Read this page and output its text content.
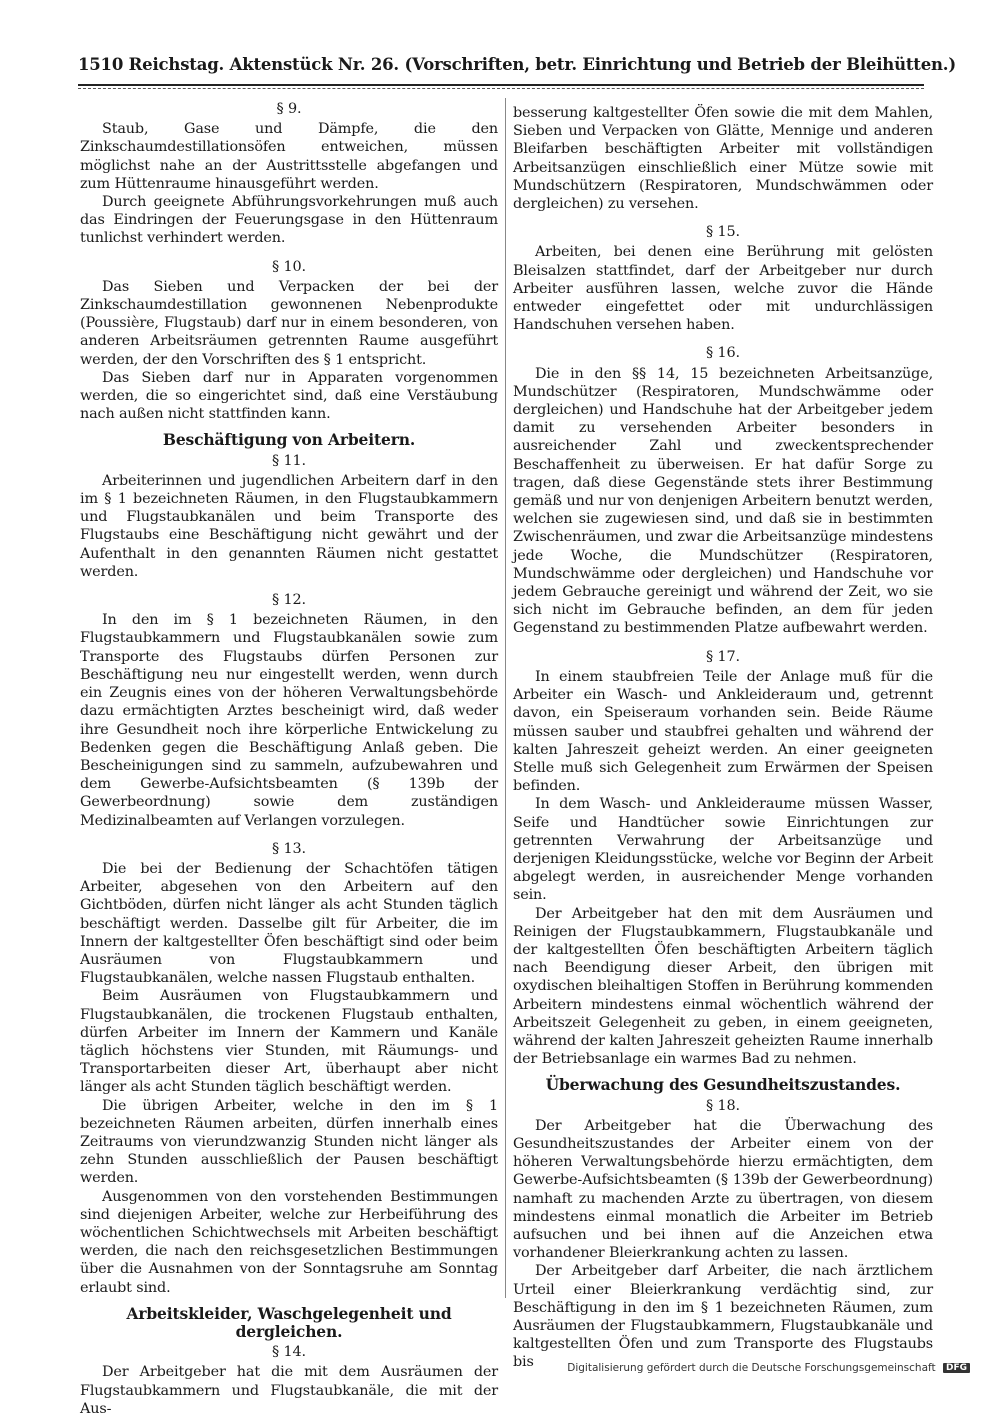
1510 Reichstag. Aktenstück Nr. 26. (Vorschriften, betr. Einrichtung und Betrieb der Bleihütten.)
§ 9.

Staub, Gase und Dämpfe, die den Zinkschaumdestillationsöfen entweichen, müssen möglichst nahe an der Austrittsstelle abgefangen und zum Hüttenraume hinausgeführt werden.

Durch geeignete Abführungsvorkehrungen muß auch das Eindringen der Feuerungsgase in den Hüttenraum tunlichst verhindert werden.

§ 10.

Das Sieben und Verpacken der bei der Zinkschaumdestillation gewonnenen Nebenprodukte (Poussière, Flugstaub) darf nur in einem besonderen, von anderen Arbeitsräumen getrennten Raume ausgeführt werden, der den Vorschriften des § 1 entspricht.

Das Sieben darf nur in Apparaten vorgenommen werden, die so eingerichtet sind, daß eine Verstäubung nach außen nicht stattfinden kann.

Beschäftigung von Arbeitern.
§ 11.

Arbeiterinnen und jugendlichen Arbeitern darf in den im § 1 bezeichneten Räumen, in den Flugstaubkammern und Flugstaubkanälen und beim Transporte des Flugstaubs eine Beschäftigung nicht gewährt und der Aufenthalt in den genannten Räumen nicht gestattet werden.

§ 12.

In den im § 1 bezeichneten Räumen, in den Flugstaubkammern und Flugstaubkanälen sowie zum Transporte des Flugstaubs dürfen Personen zur Beschäftigung neu nur eingestellt werden, wenn durch ein Zeugnis eines von der höheren Verwaltungsbehörde dazu ermächtigten Arztes bescheinigt wird, daß weder ihre Gesundheit noch ihre körperliche Entwickelung zu Bedenken gegen die Beschäftigung Anlaß geben. Die Bescheinigungen sind zu sammeln, aufzubewahren und dem Gewerbe-Aufsichtsbeamten (§ 139b der Gewerbeordnung) sowie dem zuständigen Medizinalbeamten auf Verlangen vorzulegen.

§ 13.

Die bei der Bedienung der Schachtöfen tätigen Arbeiter, abgesehen von den Arbeitern auf den Gichtböden, dürfen nicht länger als acht Stunden täglich beschäftigt werden. Dasselbe gilt für Arbeiter, die im Innern der kaltgestellter Öfen beschäftigt sind oder beim Ausräumen von Flugstaubkammern und Flugstaubkanälen, welche nassen Flugstaub enthalten.

Beim Ausräumen von Flugstaubkammern und Flugstaubkanälen, die trockenen Flugstaub enthalten, dürfen Arbeiter im Innern der Kammern und Kanäle täglich höchstens vier Stunden, mit Räumungs- und Transportarbeiten dieser Art, überhaupt aber nicht länger als acht Stunden täglich beschäftigt werden.

Die übrigen Arbeiter, welche in den im § 1 bezeichneten Räumen arbeiten, dürfen innerhalb eines Zeitraums von vierundzwanzig Stunden nicht länger als zehn Stunden ausschließlich der Pausen beschäftigt werden.

Ausgenommen von den vorstehenden Bestimmungen sind diejenigen Arbeiter, welche zur Herbeiführung des wöchentlichen Schichtwechsels mit Arbeiten beschäftigt werden, die nach den reichsgesetzlichen Bestimmungen über die Ausnahmen von der Sonntagsruhe am Sonntag erlaubt sind.

Arbeitskleider, Waschgelegenheit und dergleichen.
§ 14.

Der Arbeitgeber hat die mit dem Ausräumen der Flugstaubkammern und Flugstaubkanäle, die mit der Aus-

besserung kaltgestellter Öfen sowie die mit dem Mahlen, Sieben und Verpacken von Glätte, Mennige und anderen Bleifarben beschäftigten Arbeiter mit vollständigen Arbeitsanzügen einschließlich einer Mütze sowie mit Mundschützern (Respiratoren, Mundschwämmen oder dergleichen) zu versehen.

§ 15.

Arbeiten, bei denen eine Berührung mit gelösten Bleisalzen stattfindet, darf der Arbeitgeber nur durch Arbeiter ausführen lassen, welche zuvor die Hände entweder eingefettet oder mit undurchlässigen Handschuhen versehen haben.

§ 16.

Die in den §§ 14, 15 bezeichneten Arbeitsanzüge, Mundschützer (Respiratoren, Mundschwämme oder dergleichen) und Handschuhe hat der Arbeitgeber jedem damit zu versehenden Arbeiter besonders in ausreichender Zahl und zweckentsprechender Beschaffenheit zu überweisen. Er hat dafür Sorge zu tragen, daß diese Gegenstände stets ihrer Bestimmung gemäß und nur von denjenigen Arbeitern benutzt werden, welchen sie zugewiesen sind, und daß sie in bestimmten Zwischenräumen, und zwar die Arbeitsanzüge mindestens jede Woche, die Mundschützer (Respiratoren, Mundschwämme oder dergleichen) und Handschuhe vor jedem Gebrauche gereinigt und während der Zeit, wo sie sich nicht im Gebrauche befinden, an dem für jeden Gegenstand zu bestimmenden Platze aufbewahrt werden.

§ 17.

In einem staubfreien Teile der Anlage muß für die Arbeiter ein Wasch- und Ankleideraum und, getrennt davon, ein Speiseraum vorhanden sein. Beide Räume müssen sauber und staubfrei gehalten und während der kalten Jahreszeit geheizt werden. An einer geeigneten Stelle muß sich Gelegenheit zum Erwärmen der Speisen befinden.

In dem Wasch- und Ankleideraume müssen Wasser, Seife und Handtücher sowie Einrichtungen zur getrennten Verwahrung der Arbeitsanzüge und derjenigen Kleidungsstücke, welche vor Beginn der Arbeit abgelegt werden, in ausreichender Menge vorhanden sein.

Der Arbeitgeber hat den mit dem Ausräumen und Reinigen der Flugstaubkammern, Flugstaubkanäle und der kaltgestellten Öfen beschäftigten Arbeitern täglich nach Beendigung dieser Arbeit, den übrigen mit oxydischen bleihaltigen Stoffen in Berührung kommenden Arbeitern mindestens einmal wöchentlich während der Arbeitszeit Gelegenheit zu geben, in einem geeigneten, während der kalten Jahreszeit geheizten Raume innerhalb der Betriebsanlage ein warmes Bad zu nehmen.

Überwachung des Gesundheitszustandes.
§ 18.

Der Arbeitgeber hat die Überwachung des Gesundheitszustandes der Arbeiter einem von der höheren Verwaltungsbehörde hierzu ermächtigten, dem Gewerbe-Aufsichtsbeamten (§ 139b der Gewerbeordnung) namhaft zu machenden Arzte zu übertragen, von diesem mindestens einmal monatlich die Arbeiter im Betrieb aufsuchen und bei ihnen auf die Anzeichen etwa vorhandener Bleierkrankung achten zu lassen.

Der Arbeitgeber darf Arbeiter, die nach ärztlichem Urteil einer Bleierkrankung verdächtig sind, zur Beschäftigung in den im § 1 bezeichneten Räumen, zum Ausräumen der Flugstaubkammern, Flugstaubkanäle und kaltgestellten Öfen und zum Transporte des Flugstaubs bis	Digitalisierung gefördert durch die Deutsche Forschungsgemeinschaft DFG
